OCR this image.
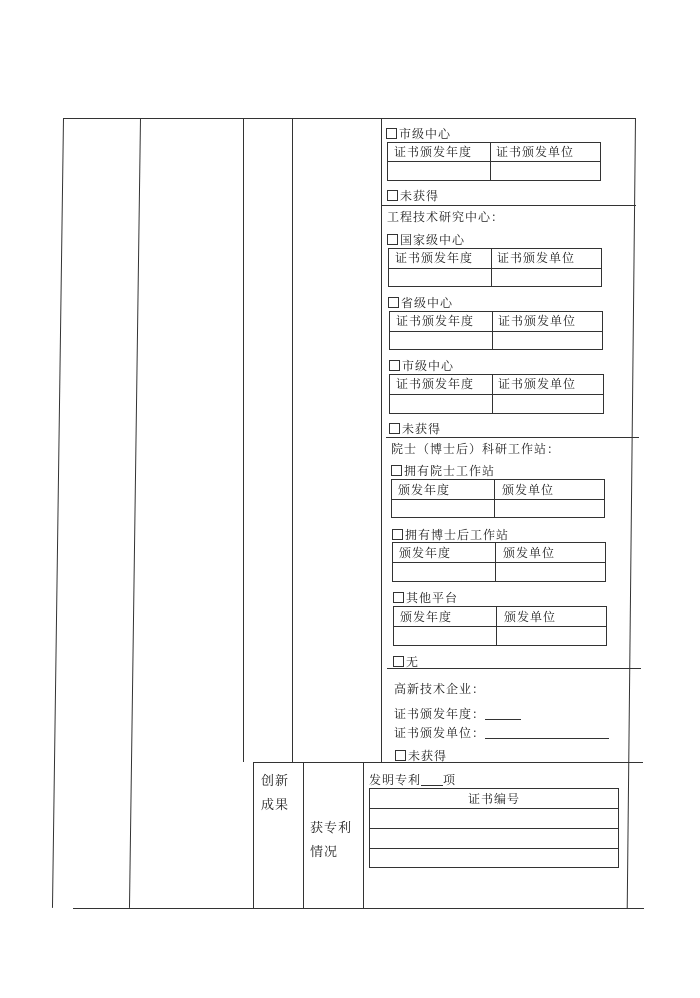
市级中心
证书颁发年度 证书颁发单位
未获得
工程技术研究中心：
国家级中心
证书颁发年度 证书颁发单位
省级中心
证书颁发年度 证书颁发单位
市级中心
证书颁发年度 证书颁发单位
未获得
院士（博士后）科研工作站：
拥有院士工作站
颁发年度	颁发单位
拥有博士后工作站
颁发年度	颁发单位
其他平台
颁发年度	颁发单位
无
高新技术企业：
证书颁发年度：
证书颁发单位：
未获得
创新
成果
获专利
情况
发明专利 项
证书编号
